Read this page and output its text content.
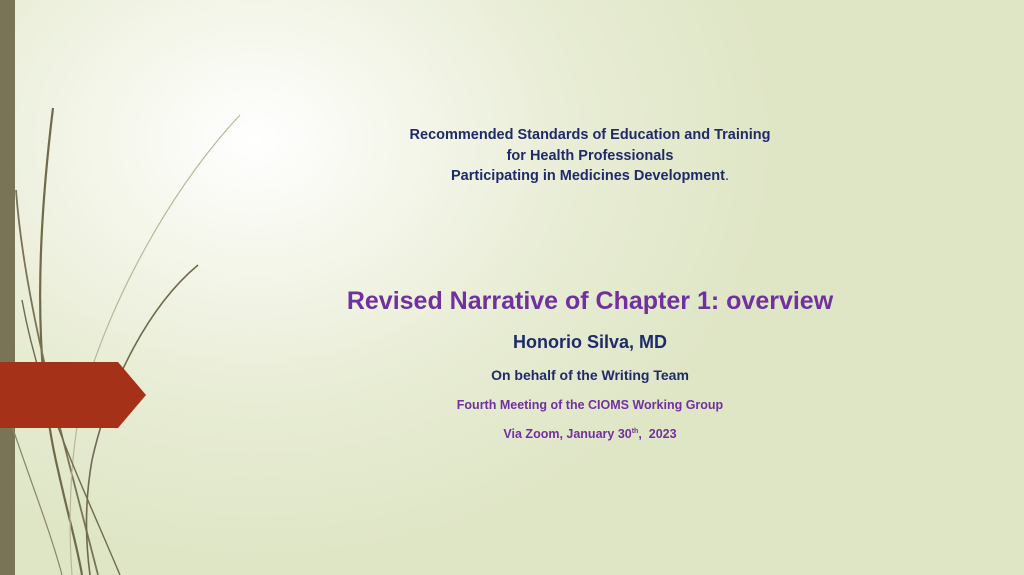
Recommended Standards of Education and Training
for Health Professionals
Participating in Medicines Development.
Revised Narrative of Chapter 1: overview
Honorio Silva, MD
On behalf of the Writing Team
Fourth Meeting of the CIOMS Working Group
Via Zoom, January 30th,  2023
